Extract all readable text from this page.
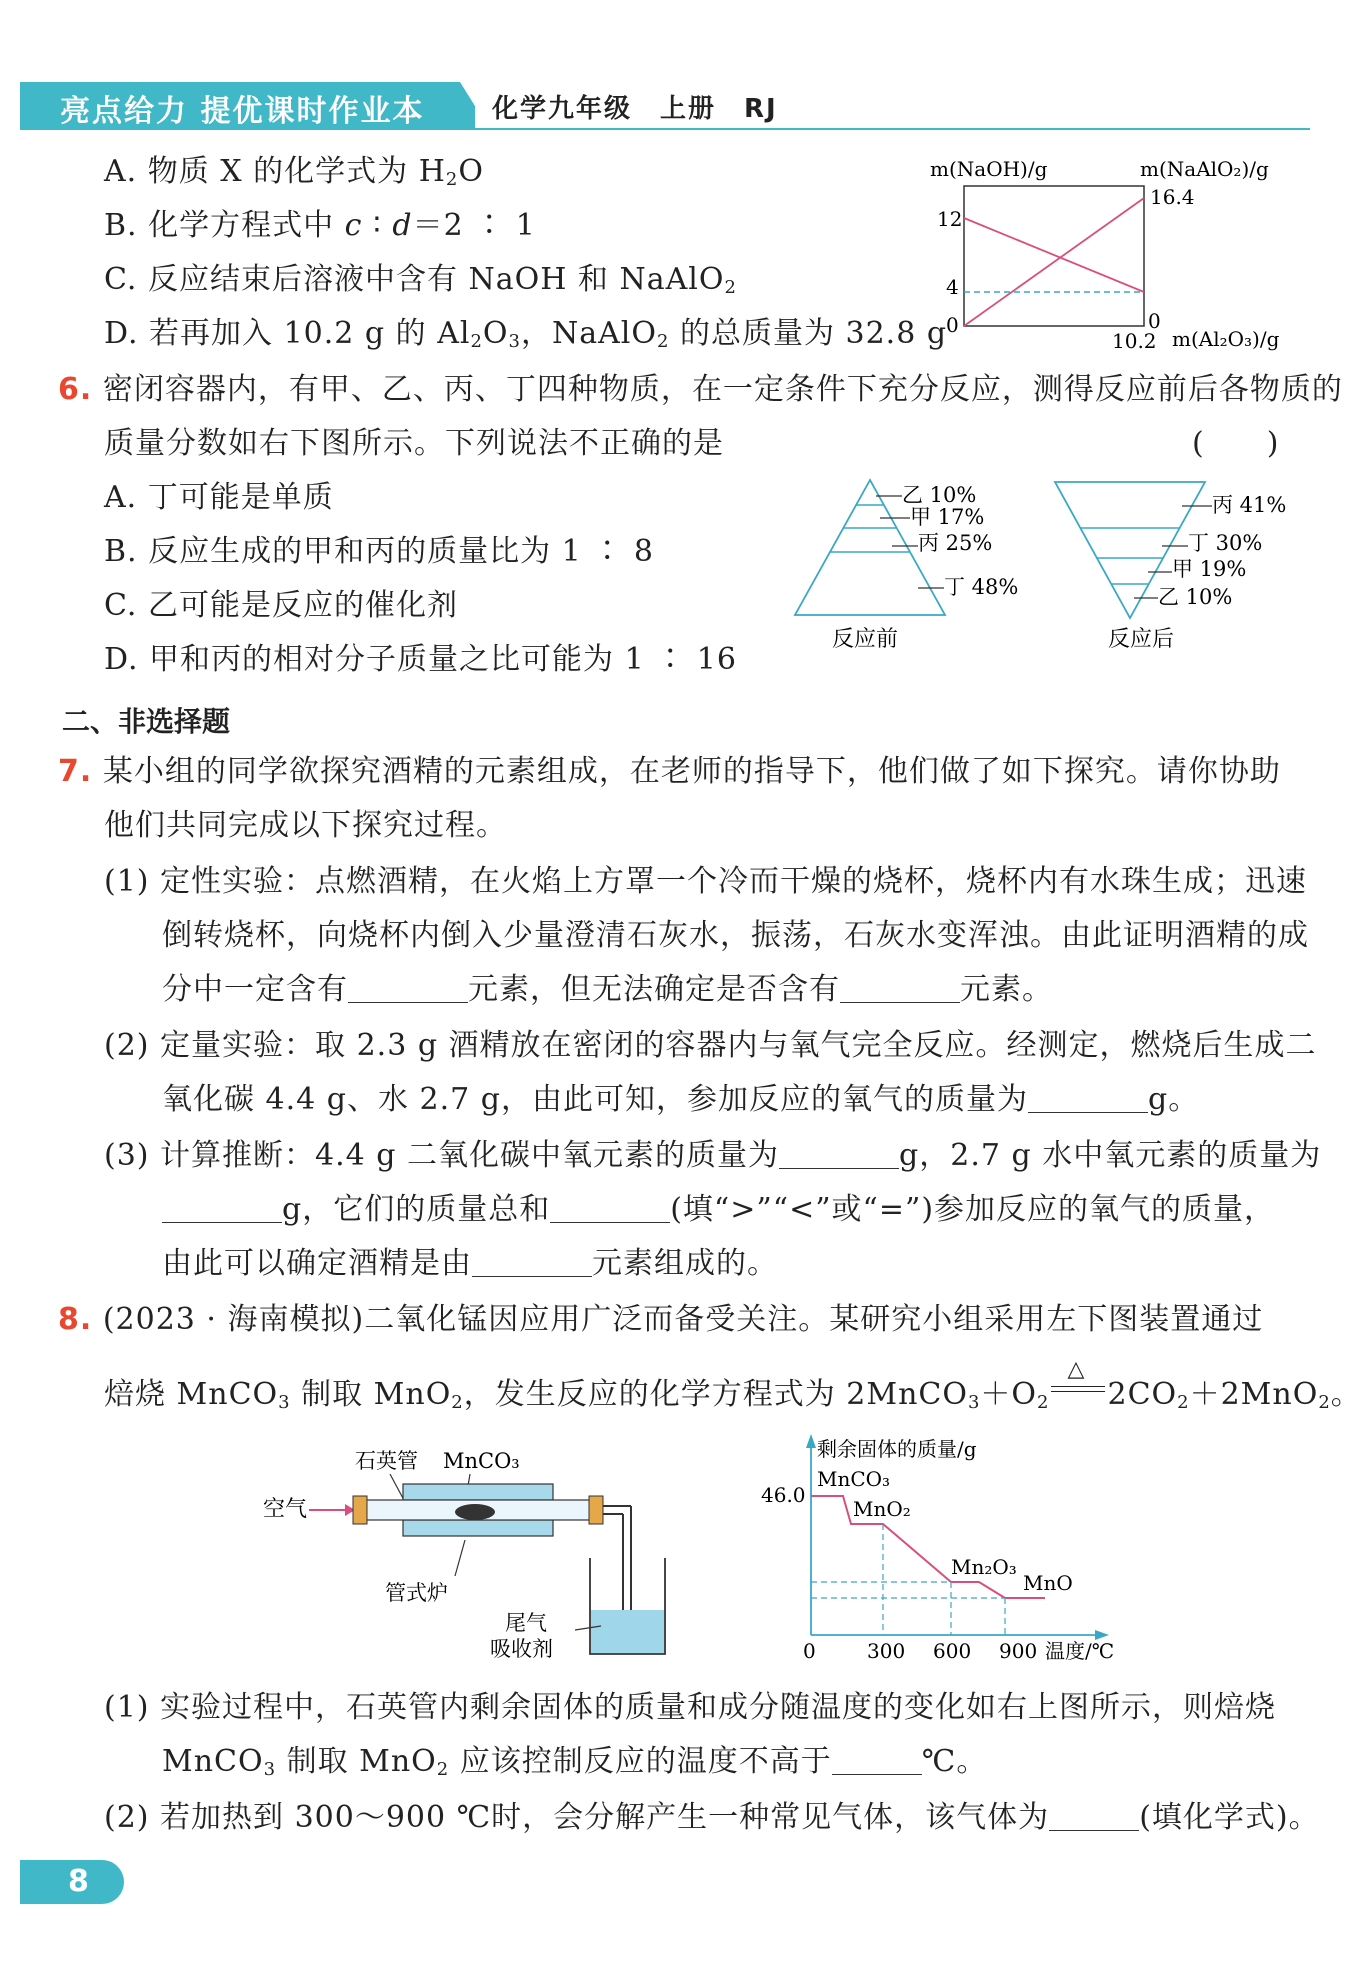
亮点给力 提优课时作业本	化学九年级　上册　RJ
A. 物质 X 的化学式为 $H_2O$
B. 化学方程式中 c ∶ d＝2 ∶ 1
C. 反应结束后溶液中含有 NaOH 和 NaAlO$_2$
D. 若再加入 10.2 g 的 $Al_2O_3$，NaAlO$_2$ 的总质量为 32.8 g
m(NaOH)/g	m(NaAlO₂)/g
12
4
0
16.4
0
10.2 m(Al₂O₃)/g
6. 密闭容器内，有甲、乙、丙、丁四种物质，在一定条件下充分反应，测得反应前后各物质的
质量分数如右下图所示。下列说法不正确的是	(　　)
A. 丁可能是单质
B. 反应生成的甲和丙的质量比为 1 ∶ 8
C. 乙可能是反应的催化剂
D. 甲和丙的相对分子质量之比可能为 1 ∶ 16
乙 10%
甲 17%
丙 25%
丁 48%
反应前
丙 41%
丁 30%
甲 19%
乙 10%
反应后
二、非选择题
7. 某小组的同学欲探究酒精的元素组成，在老师的指导下，他们做了如下探究。请你协助
他们共同完成以下探究过程。
(1) 定性实验：点燃酒精，在火焰上方罩一个冷而干燥的烧杯，烧杯内有水珠生成；迅速
倒转烧杯，向烧杯内倒入少量澄清石灰水，振荡，石灰水变浑浊。由此证明酒精的成
分中一定含有	元素，但无法确定是否含有	元素。
(2) 定量实验：取 2.3 g 酒精放在密闭的容器内与氧气完全反应。经测定，燃烧后生成二
氧化碳 4.4 g、水 2.7 g，由此可知，参加反应的氧气的质量为	g。
(3) 计算推断：4.4 g 二氧化碳中氧元素的质量为	g，2.7 g 水中氧元素的质量为
g，它们的质量总和	(填“>”“<”或“=”)参加反应的氧气的质量，
由此可以确定酒精是由	元素组成的。
8. (2023 · 海南模拟)二氧化锰因应用广泛而备受关注。某研究小组采用左下图装置通过
焙烧 MnCO$_3$ 制取 MnO$_2$，发生反应的化学方程式为 $2MnCO_3+O_2$
△
$2CO_2+2MnO_2$。
石英管 MnCO₃
空气
管式炉
尾气
吸收剂
剩余固体的质量/g
46.0
0	300 600 900 温度/℃
MnCO₃
MnO₂
Mn₂O₃
MnO
(1) 实验过程中，石英管内剩余固体的质量和成分随温度的变化如右上图所示，则焙烧
MnCO$_3$ 制取 MnO$_2$ 应该控制反应的温度不高于	℃。
(2) 若加热到 300～900 ℃时，会分解产生一种常见气体，该气体为	(填化学式)。
8
